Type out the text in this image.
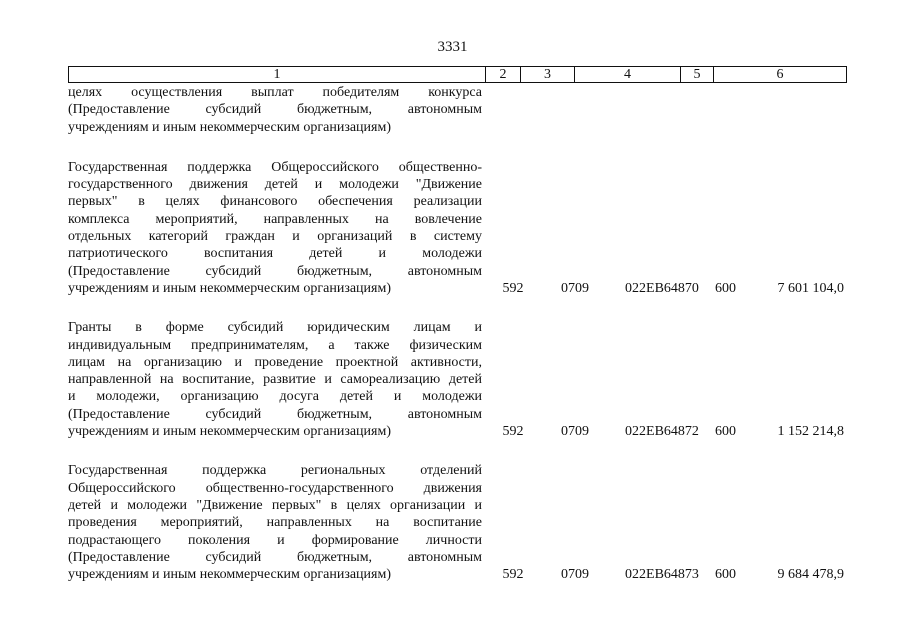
3331
1	2	3	4	5	6

целях осуществления выплат победителям конкурса

(Предоставление субсидий бюджетным, автономным

учреждениям и иным некоммерческим организациям)

Государственная поддержка Общероссийского общественно-

государственного движения детей и молодежи "Движение

первых" в целях финансового обеспечения реализации

комплекса мероприятий, направленных на вовлечение

отдельных категорий граждан и организаций в систему

патриотического воспитания детей и молодежи

(Предоставление субсидий бюджетным, автономным

учреждениям и иным некоммерческим организациям)	592	0709	022ЕВ64870	600	7 601 104,0

Гранты в форме субсидий юридическим лицам и

индивидуальным предпринимателям, а также физическим

лицам на организацию и проведение проектной активности,

направленной на воспитание, развитие и самореализацию детей

и молодежи, организацию досуга детей и молодежи

(Предоставление субсидий бюджетным, автономным

учреждениям и иным некоммерческим организациям)	592	0709	022ЕВ64872	600	1 152 214,8

Государственная поддержка региональных отделений

Общероссийского общественно-государственного движения

детей и молодежи "Движение первых" в целях организации и

проведения мероприятий, направленных на воспитание

подрастающего поколения и формирование личности

(Предоставление субсидий бюджетным, автономным

учреждениям и иным некоммерческим организациям)	592	0709	022ЕВ64873	600	9 684 478,9
